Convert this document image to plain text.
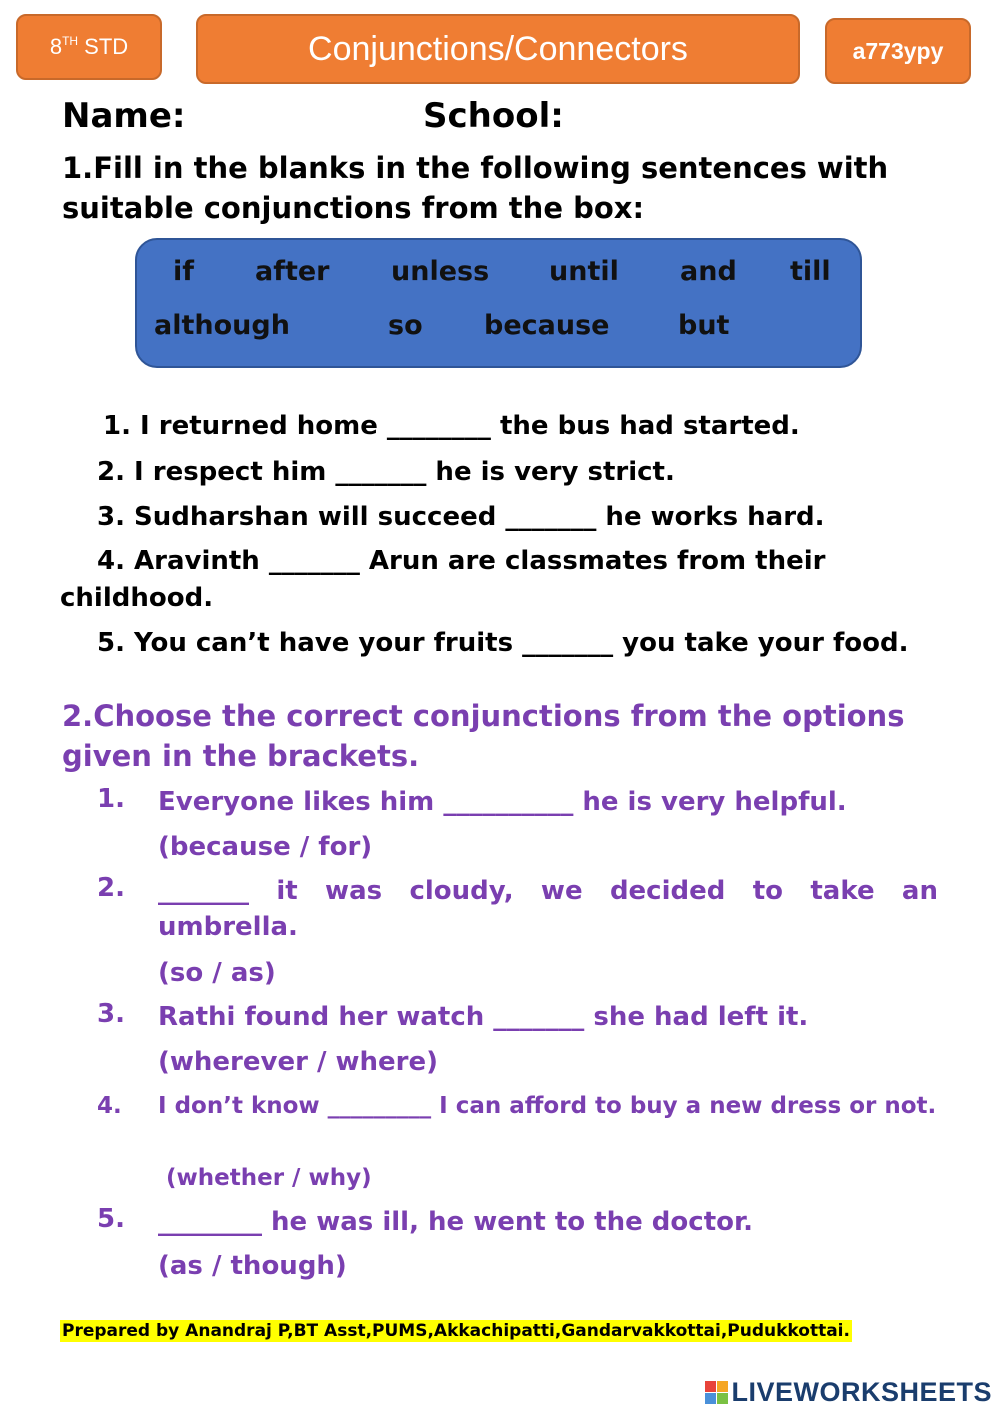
8TH STD	Conjunctions/Connectors	a773ypy
Name:	School:
1.Fill in the blanks in the following sentences with suitable conjunctions from the box:
if after unless until and till
although	so because	but
1. I returned home ________ the bus had started.
2. I respect him _______ he is very strict.
3. Sudharshan will succeed _______ he works hard.
4. Aravinth _______ Arun are classmates from their
childhood.
5. You can’t have your fruits _______ you take your food.
2.Choose the correct conjunctions from the options given in the brackets.
1. Everyone likes him __________ he is very helpful.
(because / for)
2. _______ it was cloudy, we decided to take an umbrella.
(so / as)
3. Rathi found her watch _______ she had left it.
(wherever / where)
4. I don’t know _________ I can afford to buy a new dress or not.
(whether / why)
5. ________ he was ill, he went to the doctor.
(as / though)
Prepared by Anandraj P,BT Asst,PUMS,Akkachipatti,Gandarvakkottai,Pudukkottai.
LIVEWORKSHEETS
